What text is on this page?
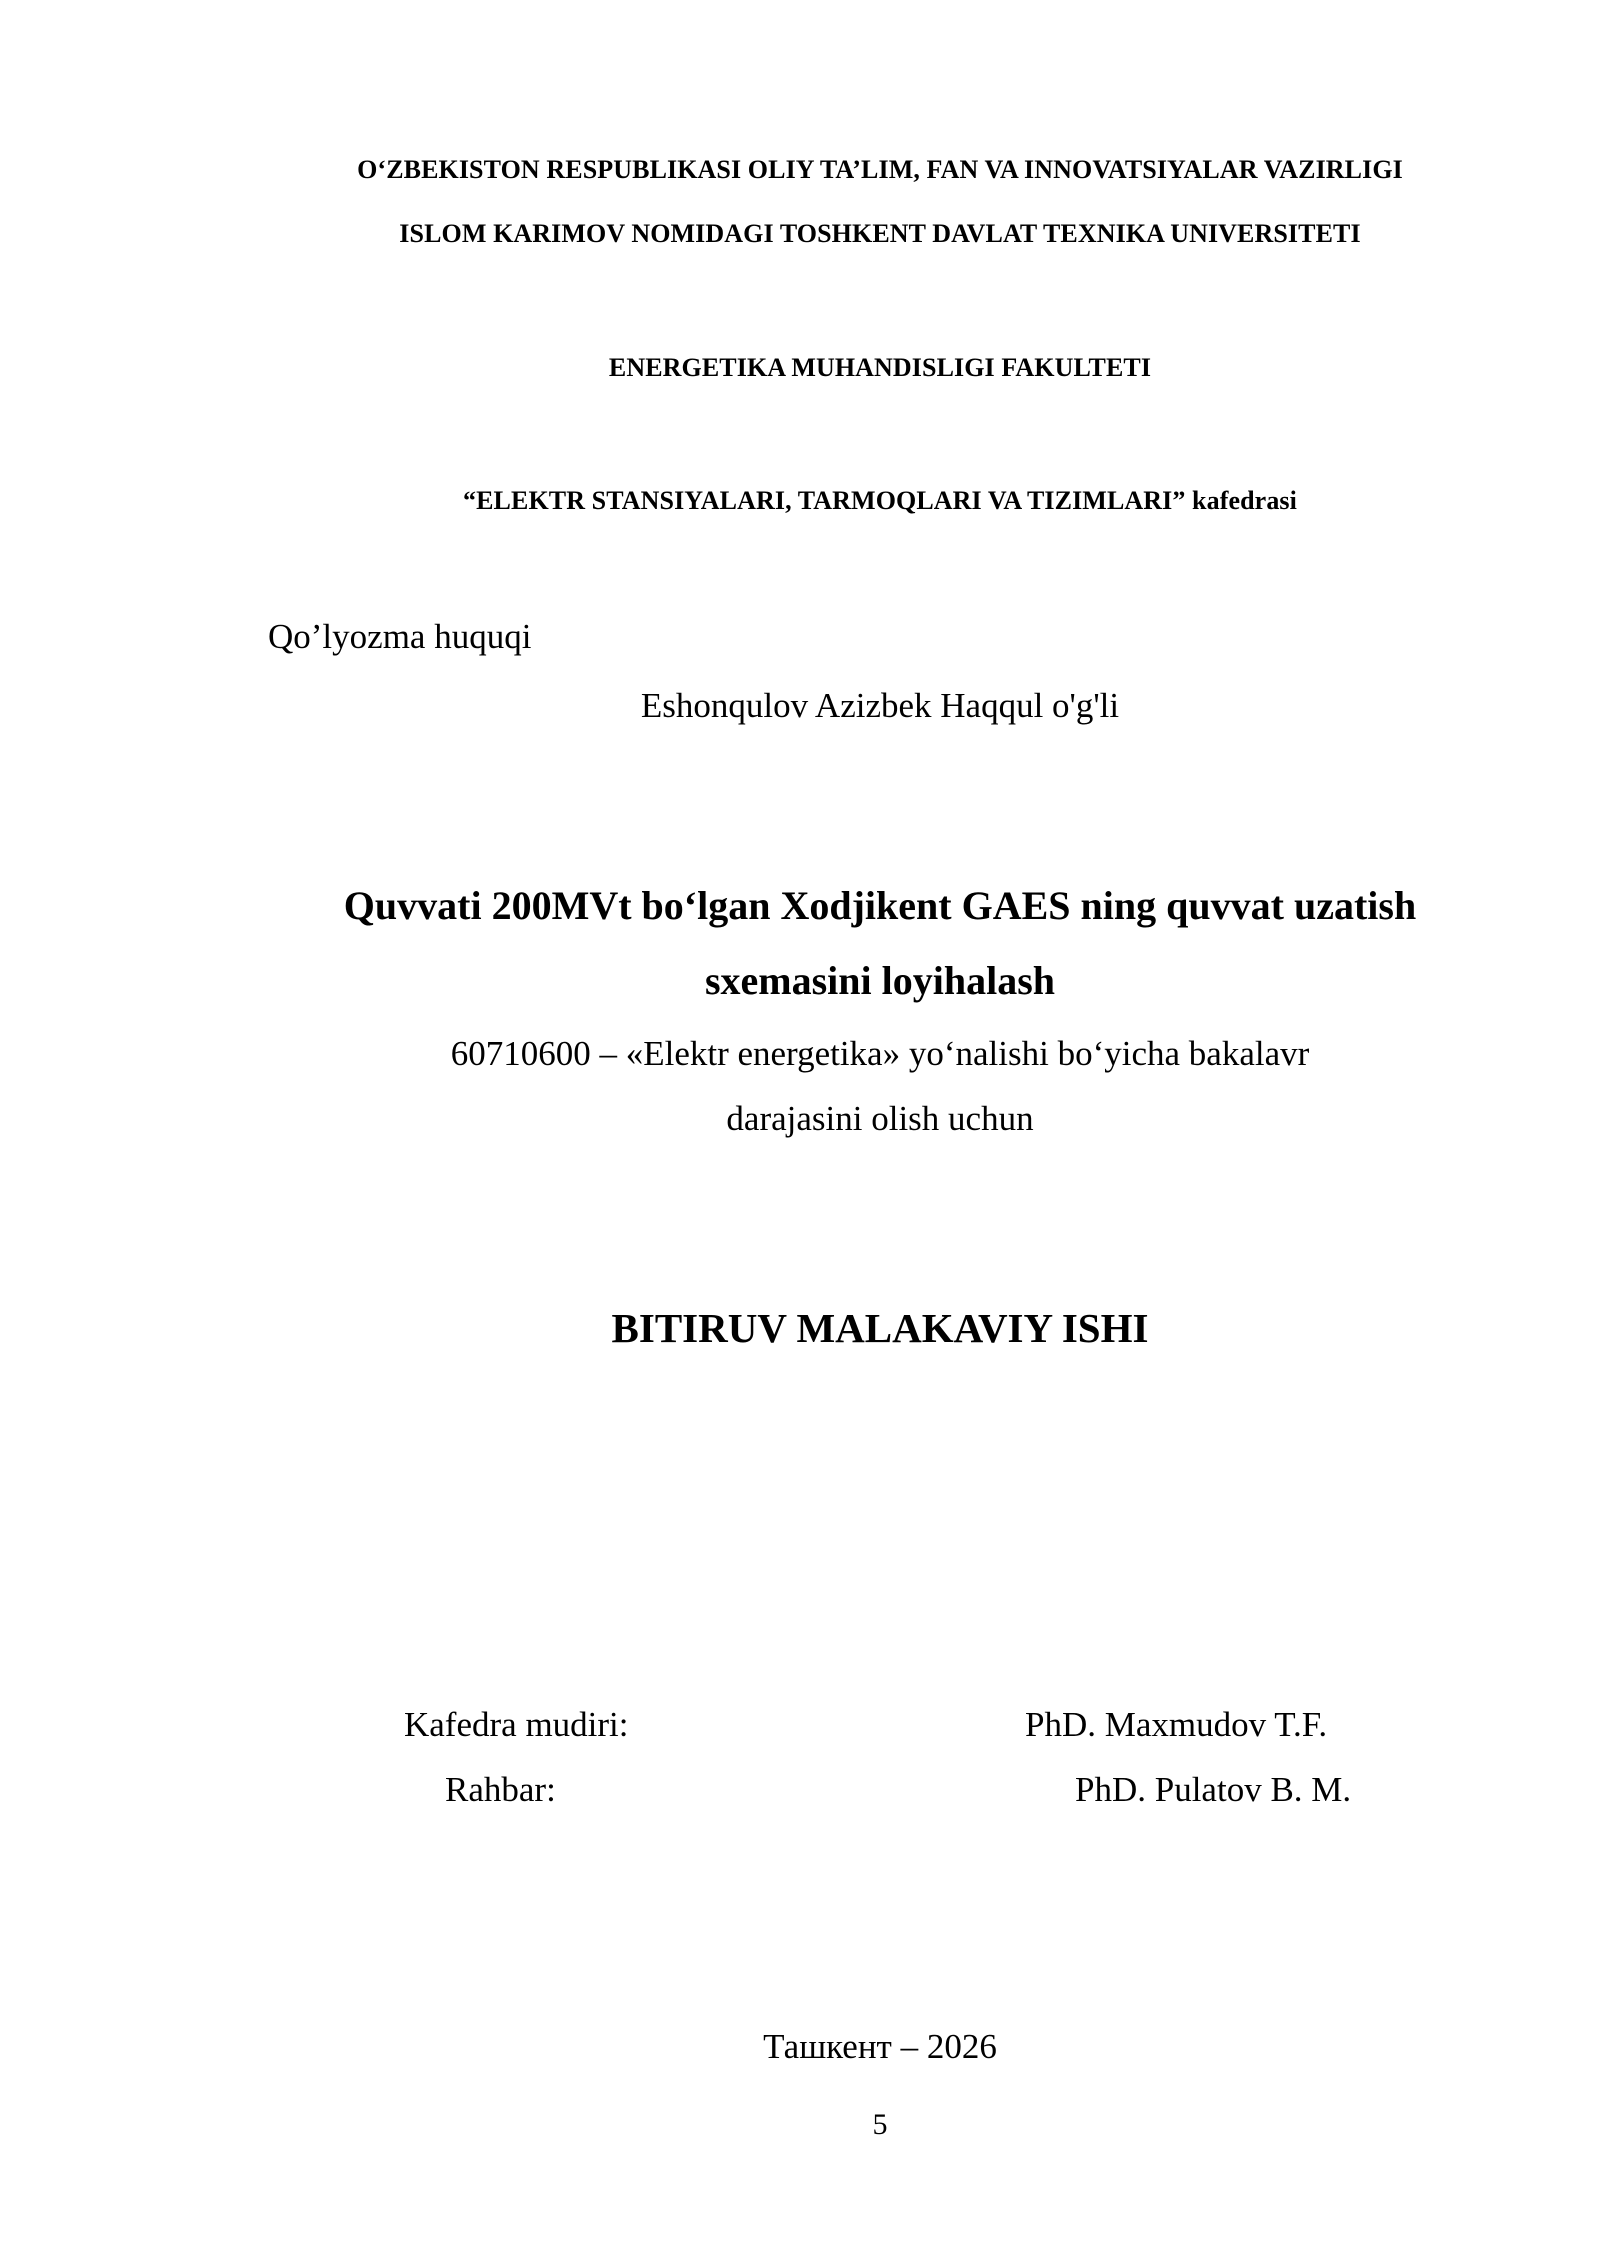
O‘ZBEKISTON RESPUBLIKASI OLIY TA’LIM, FAN VA INNOVATSIYALAR VAZIRLIGI
ISLOM KARIMOV NOMIDAGI TOSHKENT DAVLAT TEXNIKA UNIVERSITETI
ENERGETIKA MUHANDISLIGI FAKULTETI
“ELEKTR STANSIYALARI, TARMOQLARI VA TIZIMLARI” kafedrasi
Qo’lyozma huquqi
Eshonqulov Azizbek Haqqul o'g'li
Quvvati 200MVt bo‘lgan Xodjikent GAES ning quvvat uzatish
sxemasini loyihalash
60710600 – «Elektr energetika» yo‘nalishi bo‘yicha bakalavr
darajasini olish uchun
BITIRUV MALAKAVIY ISHI
Kafedra mudiri:	PhD. Maxmudov T.F.
Rahbar:	PhD. Pulatov B. M.
Ташкент – 2026
5
